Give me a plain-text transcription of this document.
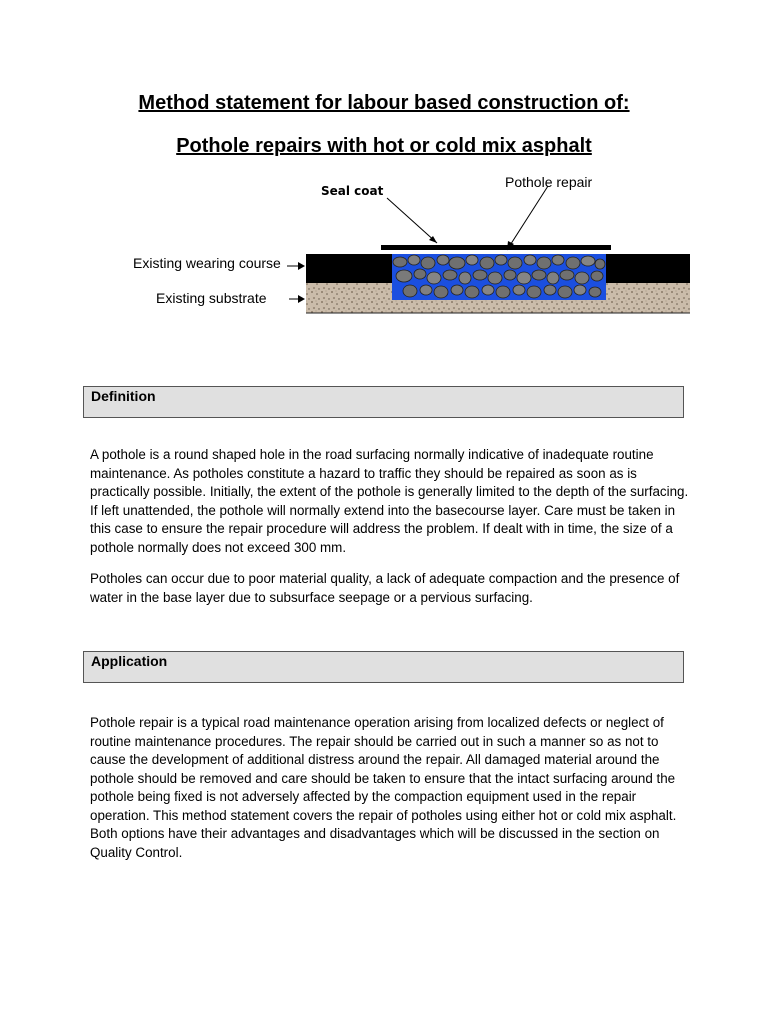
Method statement for labour based construction of:
Pothole repairs with hot or cold mix asphalt
Seal coat
Pothole repair
Existing wearing course
Existing substrate
Definition

A pothole is a round shaped hole in the road surfacing normally indicative of inadequate routine maintenance. As potholes constitute a hazard to traffic they should be repaired as soon as is practically possible. Initially, the extent of the pothole is generally limited to the depth of the surfacing. If left unattended, the pothole will normally extend into the basecourse layer. Care must be taken in this case to ensure the repair procedure will address the problem. If dealt with in time, the size of a pothole normally does not exceed 300 mm.

Potholes can occur due to poor material quality, a lack of adequate compaction and the presence of water in the base layer due to subsurface seepage or a pervious surfacing.

Application

Pothole repair is a typical road maintenance operation arising from localized defects or neglect of routine maintenance procedures. The repair should be carried out in such a manner so as not to cause the development of additional distress around the repair. All damaged material around the pothole should be removed and care should be taken to ensure that the intact surfacing around the pothole being fixed is not adversely affected by the compaction equipment used in the repair operation. This method statement covers the repair of potholes using either hot or cold mix asphalt. Both options have their advantages and disadvantages which will be discussed in the section on Quality Control.
